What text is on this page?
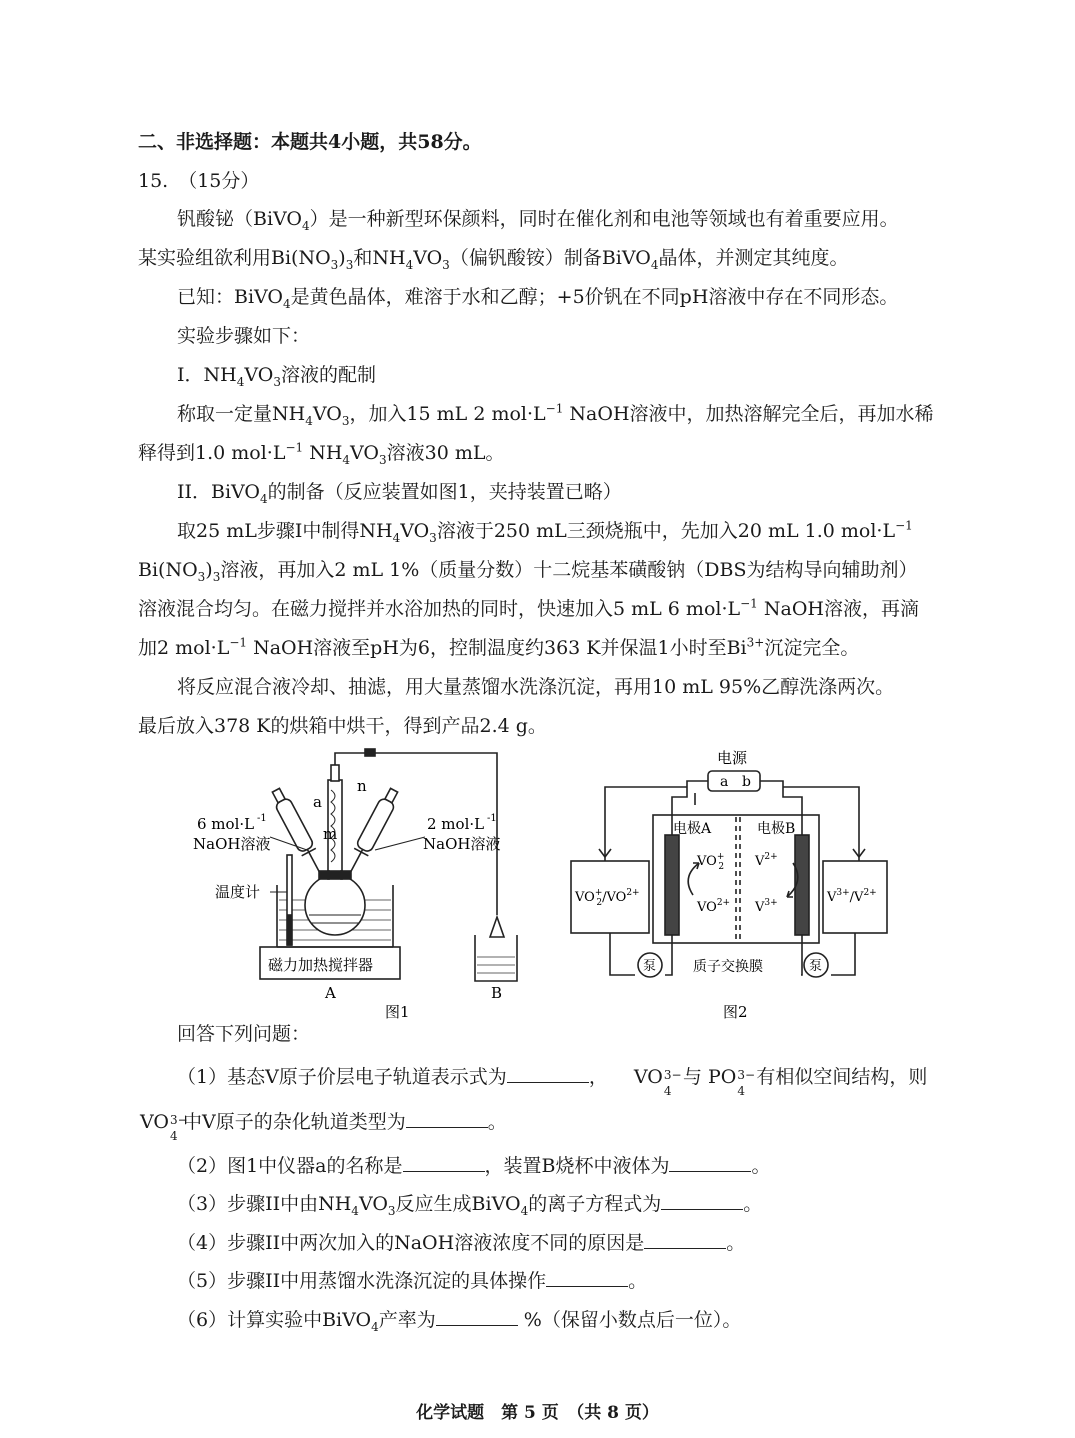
二、非选择题：本题共4小题，共58分。
15. （15分）
钒酸铋（BiVO$_4$）是一种新型环保颜料，同时在催化剂和电池等领域也有着重要应用。
某实验组欲利用$Bi(NO_3)_3$和$NH_4VO_3$（偏钒酸铵）制备BiVO$_4$晶体，并测定其纯度。
已知：BiVO$_4$是黄色晶体，难溶于水和乙醇；+5价钒在不同pH溶液中存在不同形态。
实验步骤如下：
I．$NH_4VO_3$溶液的配制
称取一定量$NH_4VO_3$，加入15 mL 2 $mol\cdot L^{-1}$ NaOH溶液中，加热溶解完全后，再加水稀
释得到1.0 $mol\cdot L^{-1}$ $NH_4VO_3$溶液30 mL。
II．BiVO$_4$的制备（反应装置如图1，夹持装置已略）
取25 mL步骤I中制得$NH_4VO_3$溶液于250 mL三颈烧瓶中，先加入20 mL 1.0 $mol\cdot L^{-1}$
$Bi(NO_3)_3$溶液，再加入2 mL 1%（质量分数）十二烷基苯磺酸钠（DBS为结构导向辅助剂）
溶液混合均匀。在磁力搅拌并水浴加热的同时，快速加入5 mL 6 $mol\cdot L^{-1}$ NaOH溶液，再滴
加2 $mol\cdot L^{-1}$ NaOH溶液至pH为6，控制温度约363 K并保温1小时至$Bi^{3+}$沉淀完全。
将反应混合液冷却、抽滤，用大量蒸馏水洗涤沉淀，再用10 mL 95%乙醇洗涤两次。
最后放入378 K的烘箱中烘干，得到产品2.4 g。
a
m
n
6 mol·L -1
NaOH溶液
2 mol·L -1
NaOH溶液
温度计
磁力加热搅拌器
A	B
图1
电源
a b
电极A	电极B
VO+ $2/VO^{2+}$	$V^{3+}/V^{2+}$
VO+ 2
$VO^{2+}$
$V^{2+}$
$V^{3+}$
泵	泵
质子交换膜
图2
回答下列问题：
（1）基态V原子价层电子轨道表示式为	， VO 3−
4
与 PO 3−
4
有相似空间结构，则
VO 3−
4
中V原子的杂化轨道类型为	。
（2）图1中仪器a的名称是	，装置B烧杯中液体为	。
（3）步骤II中由$NH_4VO_3$反应生成BiVO$_4$的离子方程式为	。
（4）步骤II中两次加入的NaOH溶液浓度不同的原因是	。
（5）步骤II中用蒸馏水洗涤沉淀的具体操作	。
（6）计算实验中BiVO$_4$产率为	%（保留小数点后一位）。
化学试题　第 5 页　（共 8 页）
